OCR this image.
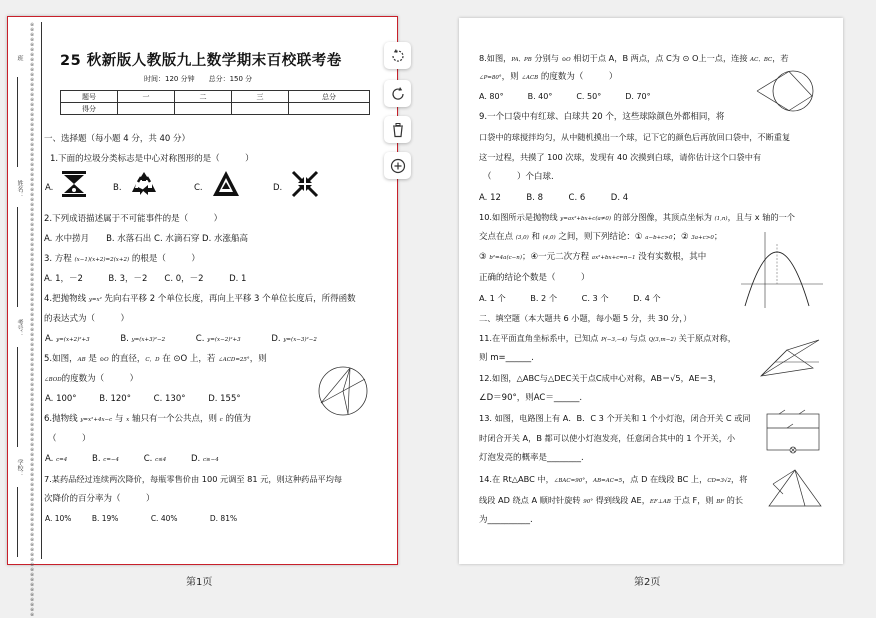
※※※※※※※※※※※※※※※※※※※※※※※※※※※※※※※※※※※※※※※※※※※※※※※※※※※※※※※※※※※※※※※※※※※※※※※※※※※※※※※※※※※※※※※※※※※※※※※※※※※※※※※※※※※※※※※※※※※※※※※
班
姓名：
考号：
学校：
25 秋新版人教版九上数学期末百校联考卷
时间：120 分钟　　总分：150 分
题号	一	二	三	总分
得分				
一、选择题（每小题 4 分，共 40 分）
1.下面的垃圾分类标志是中心对称图形的是（　　　）
A.	B.	C.	D.
2.下列成语描述属于不可能事件的是（　　　）
A. 水中捞月　　B. 水落石出 C. 水滴石穿 D. 水涨船高
3. 方程 (x−1)(x+2)=2(x+2) 的根是（　　　）
A. 1，－2　　　B. 3，－2　　C. 0，－2　　　D. 1
4.把抛物线 y=x² 先向右平移 2 个单位长度，再向上平移 3 个单位长度后，所得函数
的表达式为（　　　）
A. y=(x+2)²+3	B. y=(x+3)²−2	C. y=(x−2)²+3	D. y=(x−3)²−2
5.如图，AB 是 ⊙O 的直径，C，D 在 ⊙O 上，若 ∠ACD=25°，则
∠BOD的度数为（　　　）
A. 100°	B. 120°	C. 130°	D. 155°
6.抛物线 y=x²+4x−c 与 x 轴只有一个公共点，则 c 的值为
（　　　）
A. c=4	B. c=−4	C. c≤4	D. c≥−4
7.某药品经过连续两次降价，每瓶零售价由 100 元调至 81 元，则这种药品平均每
次降价的百分率为（　　　）
A. 10%	B. 19%	C. 40%	D. 81%
8.如图，PA、PB 分别与 ⊙O 相切于点 A，B 两点，点 C为 ⊙ O上一点，连接 AC、BC，若
∠P=80°，则 ∠ACB 的度数为（　　　）
A. 80°　　　B. 40°　　　C. 50°　　　D. 70°
9.一个口袋中有红球、白球共 20 个，这些球除颜色外都相同，将
口袋中的球搅拌均匀，从中随机摸出一个球，记下它的颜色后再放回口袋中，不断重复
这一过程，共摸了 100 次球，发现有 40 次摸到白球，请你估计这个口袋中有
（　　　）个白球.
A. 12　　　B. 8　　　C. 6　　　D. 4
10.如图所示是抛物线 y=ax²+bx+c(a≠0) 的部分图像，其顶点坐标为 (1,n)，且与 x 轴的一个
交点在点 (3,0) 和 (4,0) 之间，则下列结论：① a−b+c>0；② 3a+c>0；
③ b²=4a(c−n)；④一元二次方程 ax²+bx+c=n−1 没有实数根，其中
正确的结论个数是（　　　）
A. 1 个　　　B. 2 个　　　C. 3 个　　　D. 4 个
二、填空题（本大题共 6 小题，每小题 5 分，共 30 分，）
11.在平面直角坐标系中，已知点 P(−3,−4) 与点 Q(3,m−2) 关于原点对称，
则 m=______.
12.如图，△ABC与△DEC关于点C成中心对称，AB＝√5，AE＝3，
∠D＝90°，则AC＝______.
13. 如图，电路图上有 A．B．C 3 个开关和 1 个小灯泡，闭合开关 C 或同
时闭合开关 A，B 都可以使小灯泡发亮，任意闭合其中的 1 个开关，小
灯泡发亮的概率是________.
14.在 Rt△ABC 中，∠BAC=90°，AB=AC=5，点 D 在线段 BC 上，CD=3√2，将
线段 AD 绕点 A 顺时针旋转 90° 得到线段 AE，EF⊥AB 于点 F，则 BF 的长
为__________.
第1页	第2页
